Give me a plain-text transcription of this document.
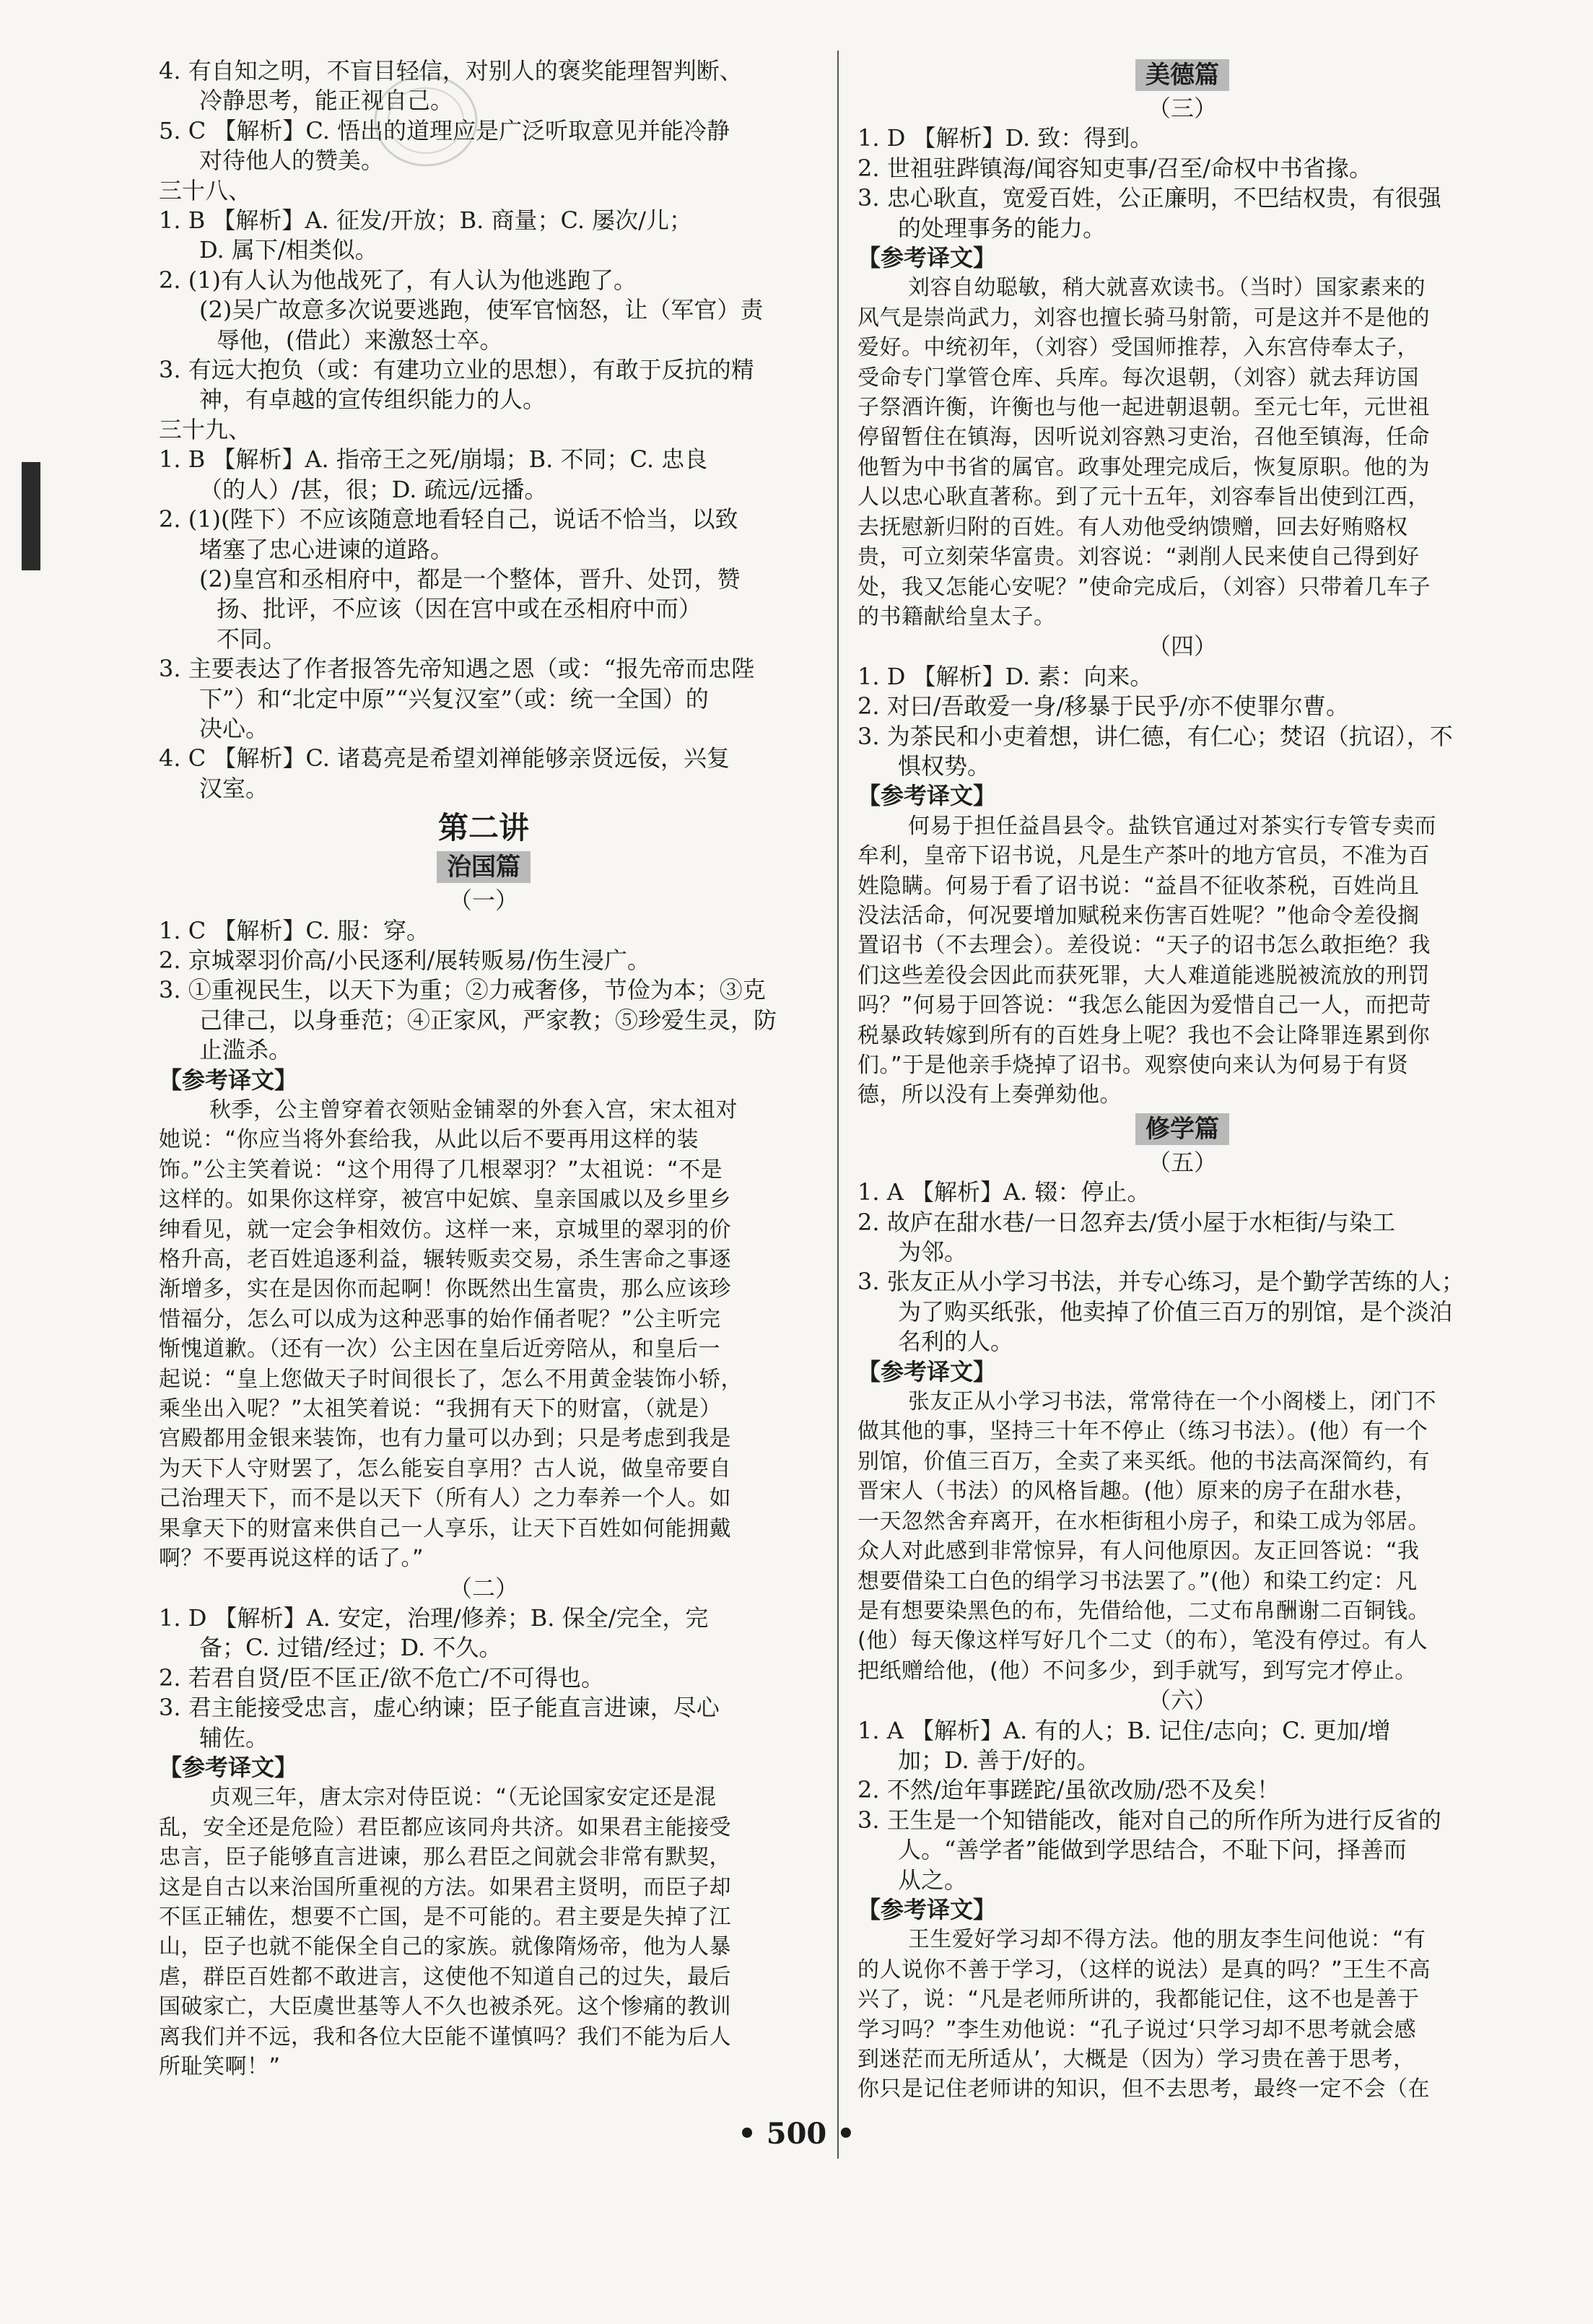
4. 有自知之明，不盲目轻信，对别人的褒奖能理智判断、
冷静思考，能正视自己。
5. C 【解析】C. 悟出的道理应是广泛听取意见并能冷静
对待他人的赞美。
三十八、
1. B 【解析】A. 征发/开放；B. 商量；C. 屡次/儿；
D. 属下/相类似。
2. (1)有人认为他战死了，有人认为他逃跑了。
(2)吴广故意多次说要逃跑，使军官恼怒，让（军官）责
辱他，(借此）来激怒士卒。
3. 有远大抱负（或：有建功立业的思想），有敢于反抗的精
神，有卓越的宣传组织能力的人。
三十九、
1. B 【解析】A. 指帝王之死/崩塌；B. 不同；C. 忠良
（的人）/甚，很；D. 疏远/远播。
2. (1)(陛下）不应该随意地看轻自己，说话不恰当，以致
堵塞了忠心进谏的道路。
(2)皇宫和丞相府中，都是一个整体，晋升、处罚，赞
扬、批评，不应该（因在宫中或在丞相府中而）
不同。
3. 主要表达了作者报答先帝知遇之恩（或：“报先帝而忠陛
下”）和“北定中原”“兴复汉室”（或：统一全国）的
决心。
4. C 【解析】C. 诸葛亮是希望刘禅能够亲贤远佞，兴复
汉室。
第二讲
治国篇
（一）
1. C 【解析】C. 服：穿。
2. 京城翠羽价高/小民逐利/展转贩易/伤生浸广。
3. ①重视民生，以天下为重；②力戒奢侈，节俭为本；③克
己律己，以身垂范；④正家风，严家教；⑤珍爱生灵，防
止滥杀。
【参考译文】
秋季，公主曾穿着衣领贴金铺翠的外套入宫，宋太祖对
她说：“你应当将外套给我，从此以后不要再用这样的装
饰。”公主笑着说：“这个用得了几根翠羽？”太祖说：“不是
这样的。如果你这样穿，被宫中妃嫔、皇亲国戚以及乡里乡
绅看见，就一定会争相效仿。这样一来，京城里的翠羽的价
格升高，老百姓追逐利益，辗转贩卖交易，杀生害命之事逐
渐增多，实在是因你而起啊！你既然出生富贵，那么应该珍
惜福分，怎么可以成为这种恶事的始作俑者呢？”公主听完
惭愧道歉。（还有一次）公主因在皇后近旁陪从，和皇后一
起说：“皇上您做天子时间很长了，怎么不用黄金装饰小轿，
乘坐出入呢？”太祖笑着说：“我拥有天下的财富，（就是）
宫殿都用金银来装饰，也有力量可以办到；只是考虑到我是
为天下人守财罢了，怎么能妄自享用？古人说，做皇帝要自
己治理天下，而不是以天下（所有人）之力奉养一个人。如
果拿天下的财富来供自己一人享乐，让天下百姓如何能拥戴
啊？不要再说这样的话了。”
（二）
1. D 【解析】A. 安定，治理/修养；B. 保全/完全，完
备；C. 过错/经过；D. 不久。
2. 若君自贤/臣不匡正/欲不危亡/不可得也。
3. 君主能接受忠言，虚心纳谏；臣子能直言进谏，尽心
辅佐。
【参考译文】
贞观三年，唐太宗对侍臣说：“（无论国家安定还是混
乱，安全还是危险）君臣都应该同舟共济。如果君主能接受
忠言，臣子能够直言进谏，那么君臣之间就会非常有默契，
这是自古以来治国所重视的方法。如果君主贤明，而臣子却
不匡正辅佐，想要不亡国，是不可能的。君主要是失掉了江
山，臣子也就不能保全自己的家族。就像隋炀帝，他为人暴
虐，群臣百姓都不敢进言，这使他不知道自己的过失，最后
国破家亡，大臣虞世基等人不久也被杀死。这个惨痛的教训
离我们并不远，我和各位大臣能不谨慎吗？我们不能为后人
所耻笑啊！”
美德篇
（三）
1. D 【解析】D. 致：得到。
2. 世祖驻跸镇海/闻容知吏事/召至/命权中书省掾。
3. 忠心耿直，宽爱百姓，公正廉明，不巴结权贵，有很强
的处理事务的能力。
【参考译文】
刘容自幼聪敏，稍大就喜欢读书。（当时）国家素来的
风气是崇尚武力，刘容也擅长骑马射箭，可是这并不是他的
爱好。中统初年，（刘容）受国师推荐，入东宫侍奉太子，
受命专门掌管仓库、兵库。每次退朝，（刘容）就去拜访国
子祭酒许衡，许衡也与他一起进朝退朝。至元七年，元世祖
停留暂住在镇海，因听说刘容熟习吏治，召他至镇海，任命
他暂为中书省的属官。政事处理完成后，恢复原职。他的为
人以忠心耿直著称。到了元十五年，刘容奉旨出使到江西，
去抚慰新归附的百姓。有人劝他受纳馈赠，回去好贿赂权
贵，可立刻荣华富贵。刘容说：“剥削人民来使自己得到好
处，我又怎能心安呢？”使命完成后，（刘容）只带着几车子
的书籍献给皇太子。
（四）
1. D 【解析】D. 素：向来。
2. 对曰/吾敢爱一身/移暴于民乎/亦不使罪尔曹。
3. 为茶民和小吏着想，讲仁德，有仁心；焚诏（抗诏），不
惧权势。
【参考译文】
何易于担任益昌县令。盐铁官通过对茶实行专管专卖而
牟利，皇帝下诏书说，凡是生产茶叶的地方官员，不准为百
姓隐瞒。何易于看了诏书说：“益昌不征收茶税，百姓尚且
没法活命，何况要增加赋税来伤害百姓呢？”他命令差役搁
置诏书（不去理会）。差役说：“天子的诏书怎么敢拒绝？我
们这些差役会因此而获死罪，大人难道能逃脱被流放的刑罚
吗？”何易于回答说：“我怎么能因为爱惜自己一人，而把苛
税暴政转嫁到所有的百姓身上呢？我也不会让降罪连累到你
们。”于是他亲手烧掉了诏书。观察使向来认为何易于有贤
德，所以没有上奏弹劾他。
修学篇
（五）
1. A 【解析】A. 辍：停止。
2. 故庐在甜水巷/一日忽弃去/赁小屋于水柜街/与染工
为邻。
3. 张友正从小学习书法，并专心练习，是个勤学苦练的人；
为了购买纸张，他卖掉了价值三百万的别馆，是个淡泊
名利的人。
【参考译文】
张友正从小学习书法，常常待在一个小阁楼上，闭门不
做其他的事，坚持三十年不停止（练习书法）。(他）有一个
别馆，价值三百万，全卖了来买纸。他的书法高深简约，有
晋宋人（书法）的风格旨趣。(他）原来的房子在甜水巷，
一天忽然舍弃离开，在水柜街租小房子，和染工成为邻居。
众人对此感到非常惊异，有人问他原因。友正回答说：“我
想要借染工白色的绢学习书法罢了。”(他）和染工约定：凡
是有想要染黑色的布，先借给他，二丈布帛酬谢二百铜钱。
(他）每天像这样写好几个二丈（的布），笔没有停过。有人
把纸赠给他，(他）不问多少，到手就写，到写完才停止。
（六）
1. A 【解析】A. 有的人；B. 记住/志向；C. 更加/增
加；D. 善于/好的。
2. 不然/迨年事蹉跎/虽欲改励/恐不及矣！
3. 王生是一个知错能改，能对自己的所作所为进行反省的
人。“善学者”能做到学思结合，不耻下问，择善而
从之。
【参考译文】
王生爱好学习却不得方法。他的朋友李生问他说：“有
的人说你不善于学习，（这样的说法）是真的吗？”王生不高
兴了，说：“凡是老师所讲的，我都能记住，这不也是善于
学习吗？”李生劝他说：“孔子说过‘只学习却不思考就会感
到迷茫而无所适从’，大概是（因为）学习贵在善于思考，
你只是记住老师讲的知识，但不去思考，最终一定不会（在
• 500 •
